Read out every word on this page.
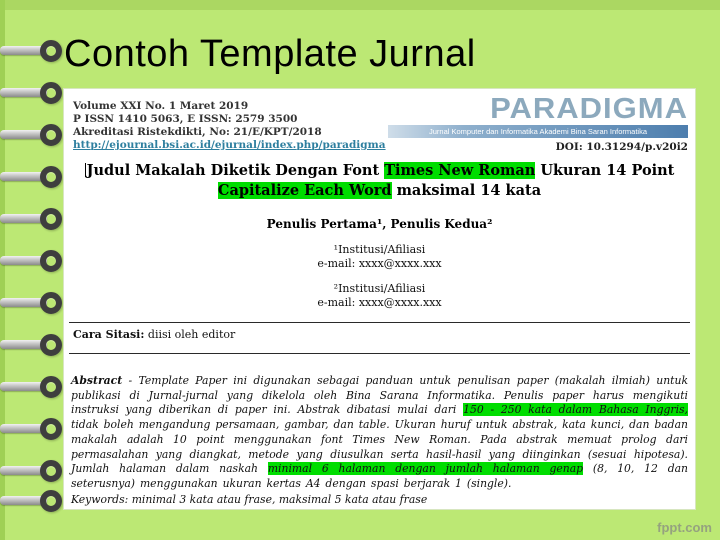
Contoh Template Jurnal
Volume XXI No. 1 Maret 2019
P ISSN 1410 5063, E ISSN: 2579 3500
Akreditasi Ristekdikti, No: 21/E/KPT/2018
http://ejournal.bsi.ac.id/ejurnal/index.php/paradigma
PARADIGMA
Jurnal Komputer dan Informatika Akademi Bina Saran Informatika
DOI: 10.31294/p.v20i2
Judul Makalah Diketik Dengan Font Times New Roman Ukuran 14 Point Capitalize Each Word maksimal 14 kata
Penulis Pertama¹, Penulis Kedua²
¹Institusi/Afiliasi
e-mail: xxxx@xxxx.xxx
²Institusi/Afiliasi
e-mail: xxxx@xxxx.xxx
Cara Sitasi: diisi oleh editor
Abstract - Template Paper ini digunakan sebagai panduan untuk penulisan paper (makalah ilmiah) untuk publikasi di Jurnal-jurnal yang dikelola oleh Bina Sarana Informatika. Penulis paper harus mengikuti instruksi yang diberikan di paper ini. Abstrak dibatasi mulai dari 150 - 250 kata dalam Bahasa Inggris, tidak boleh mengandung persamaan, gambar, dan table. Ukuran huruf untuk abstrak, kata kunci, dan badan makalah adalah 10 point menggunakan font Times New Roman. Pada abstrak memuat prolog dari permasalahan yang diangkat, metode yang diusulkan serta hasil-hasil yang diinginkan (sesuai hipotesa). Jumlah halaman dalam naskah minimal 6 halaman dengan jumlah halaman genap (8, 10, 12 dan seterusnya) menggunakan ukuran kertas A4 dengan spasi berjarak 1 (single).
Keywords: minimal 3 kata atau frase, maksimal 5 kata atau frase
fppt.com
